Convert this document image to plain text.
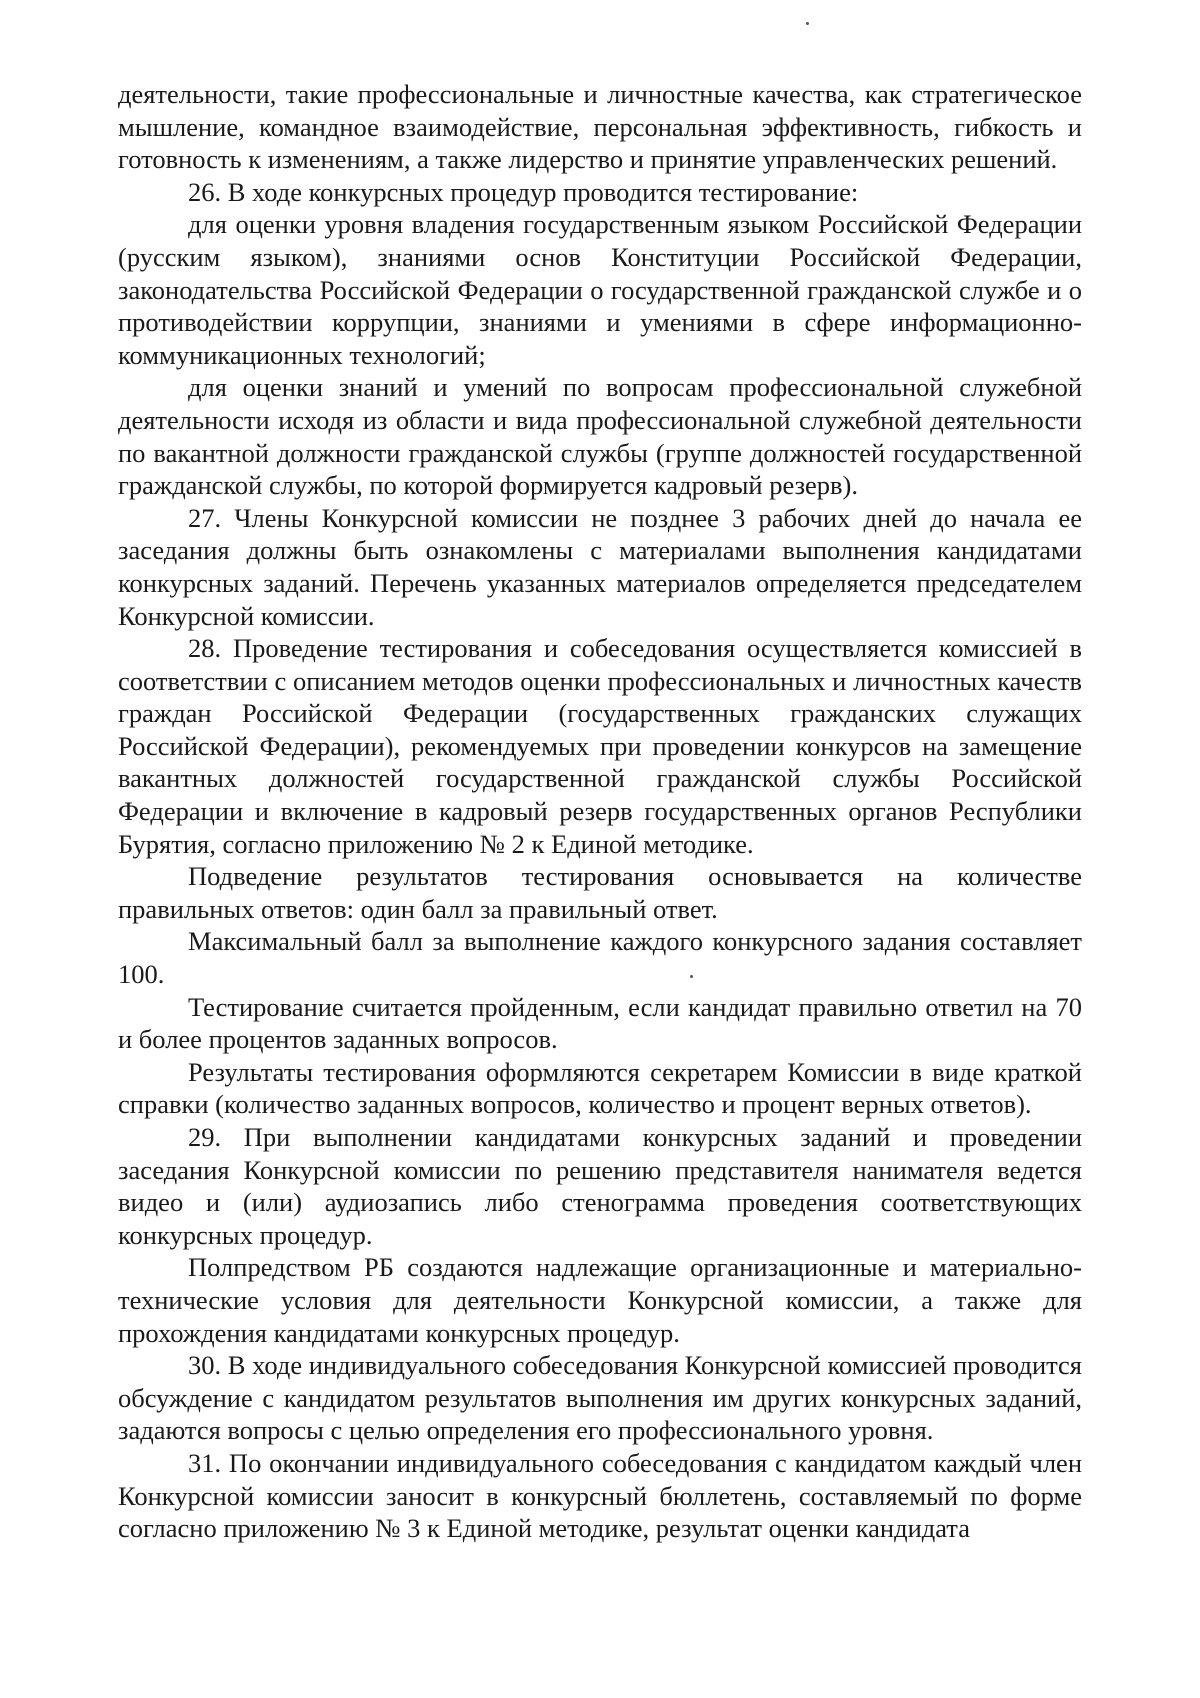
деятельности, такие профессиональные и личностные качества, как стратегическое мышление, командное взаимодействие, персональная эффективность, гибкость и готовность к изменениям, а также лидерство и принятие управленческих решений.

26. В ходе конкурсных процедур проводится тестирование:

для оценки уровня владения государственным языком Российской Федерации (русским языком), знаниями основ Конституции Российской Федерации, законодательства Российской Федерации о государственной гражданской службе и о противодействии коррупции, знаниями и умениями в сфере информационно-коммуникационных технологий;

для оценки знаний и умений по вопросам профессиональной служебной деятельности исходя из области и вида профессиональной служебной деятельности по вакантной должности гражданской службы (группе должностей государственной гражданской службы, по которой формируется кадровый резерв).

27. Члены Конкурсной комиссии не позднее 3 рабочих дней до начала ее заседания должны быть ознакомлены с материалами выполнения кандидатами конкурсных заданий. Перечень указанных материалов определяется председателем Конкурсной комиссии.

28. Проведение тестирования и собеседования осуществляется комиссией в соответствии с описанием методов оценки профессиональных и личностных качеств граждан Российской Федерации (государственных гражданских служащих Российской Федерации), рекомендуемых при проведении конкурсов на замещение вакантных должностей государственной гражданской службы Российской Федерации и включение в кадровый резерв государственных органов Республики Бурятия, согласно приложению № 2 к Единой методике.

Подведение результатов тестирования основывается на количестве правильных ответов: один балл за правильный ответ.

Максимальный балл за выполнение каждого конкурсного задания составляет 100.

Тестирование считается пройденным, если кандидат правильно ответил на 70 и более процентов заданных вопросов.

Результаты тестирования оформляются секретарем Комиссии в виде краткой справки (количество заданных вопросов, количество и процент верных ответов).

29. При выполнении кандидатами конкурсных заданий и проведении заседания Конкурсной комиссии по решению представителя нанимателя ведется видео и (или) аудиозапись либо стенограмма проведения соответствующих конкурсных процедур.

Полпредством РБ создаются надлежащие организационные и материально-технические условия для деятельности Конкурсной комиссии, а также для прохождения кандидатами конкурсных процедур.

30. В ходе индивидуального собеседования Конкурсной комиссией проводится обсуждение с кандидатом результатов выполнения им других конкурсных заданий, задаются вопросы с целью определения его профессионального уровня.

31. По окончании индивидуального собеседования с кандидатом каждый член Конкурсной комиссии заносит в конкурсный бюллетень, составляемый по форме согласно приложению № 3 к Единой методике, результат оценки кандидата
